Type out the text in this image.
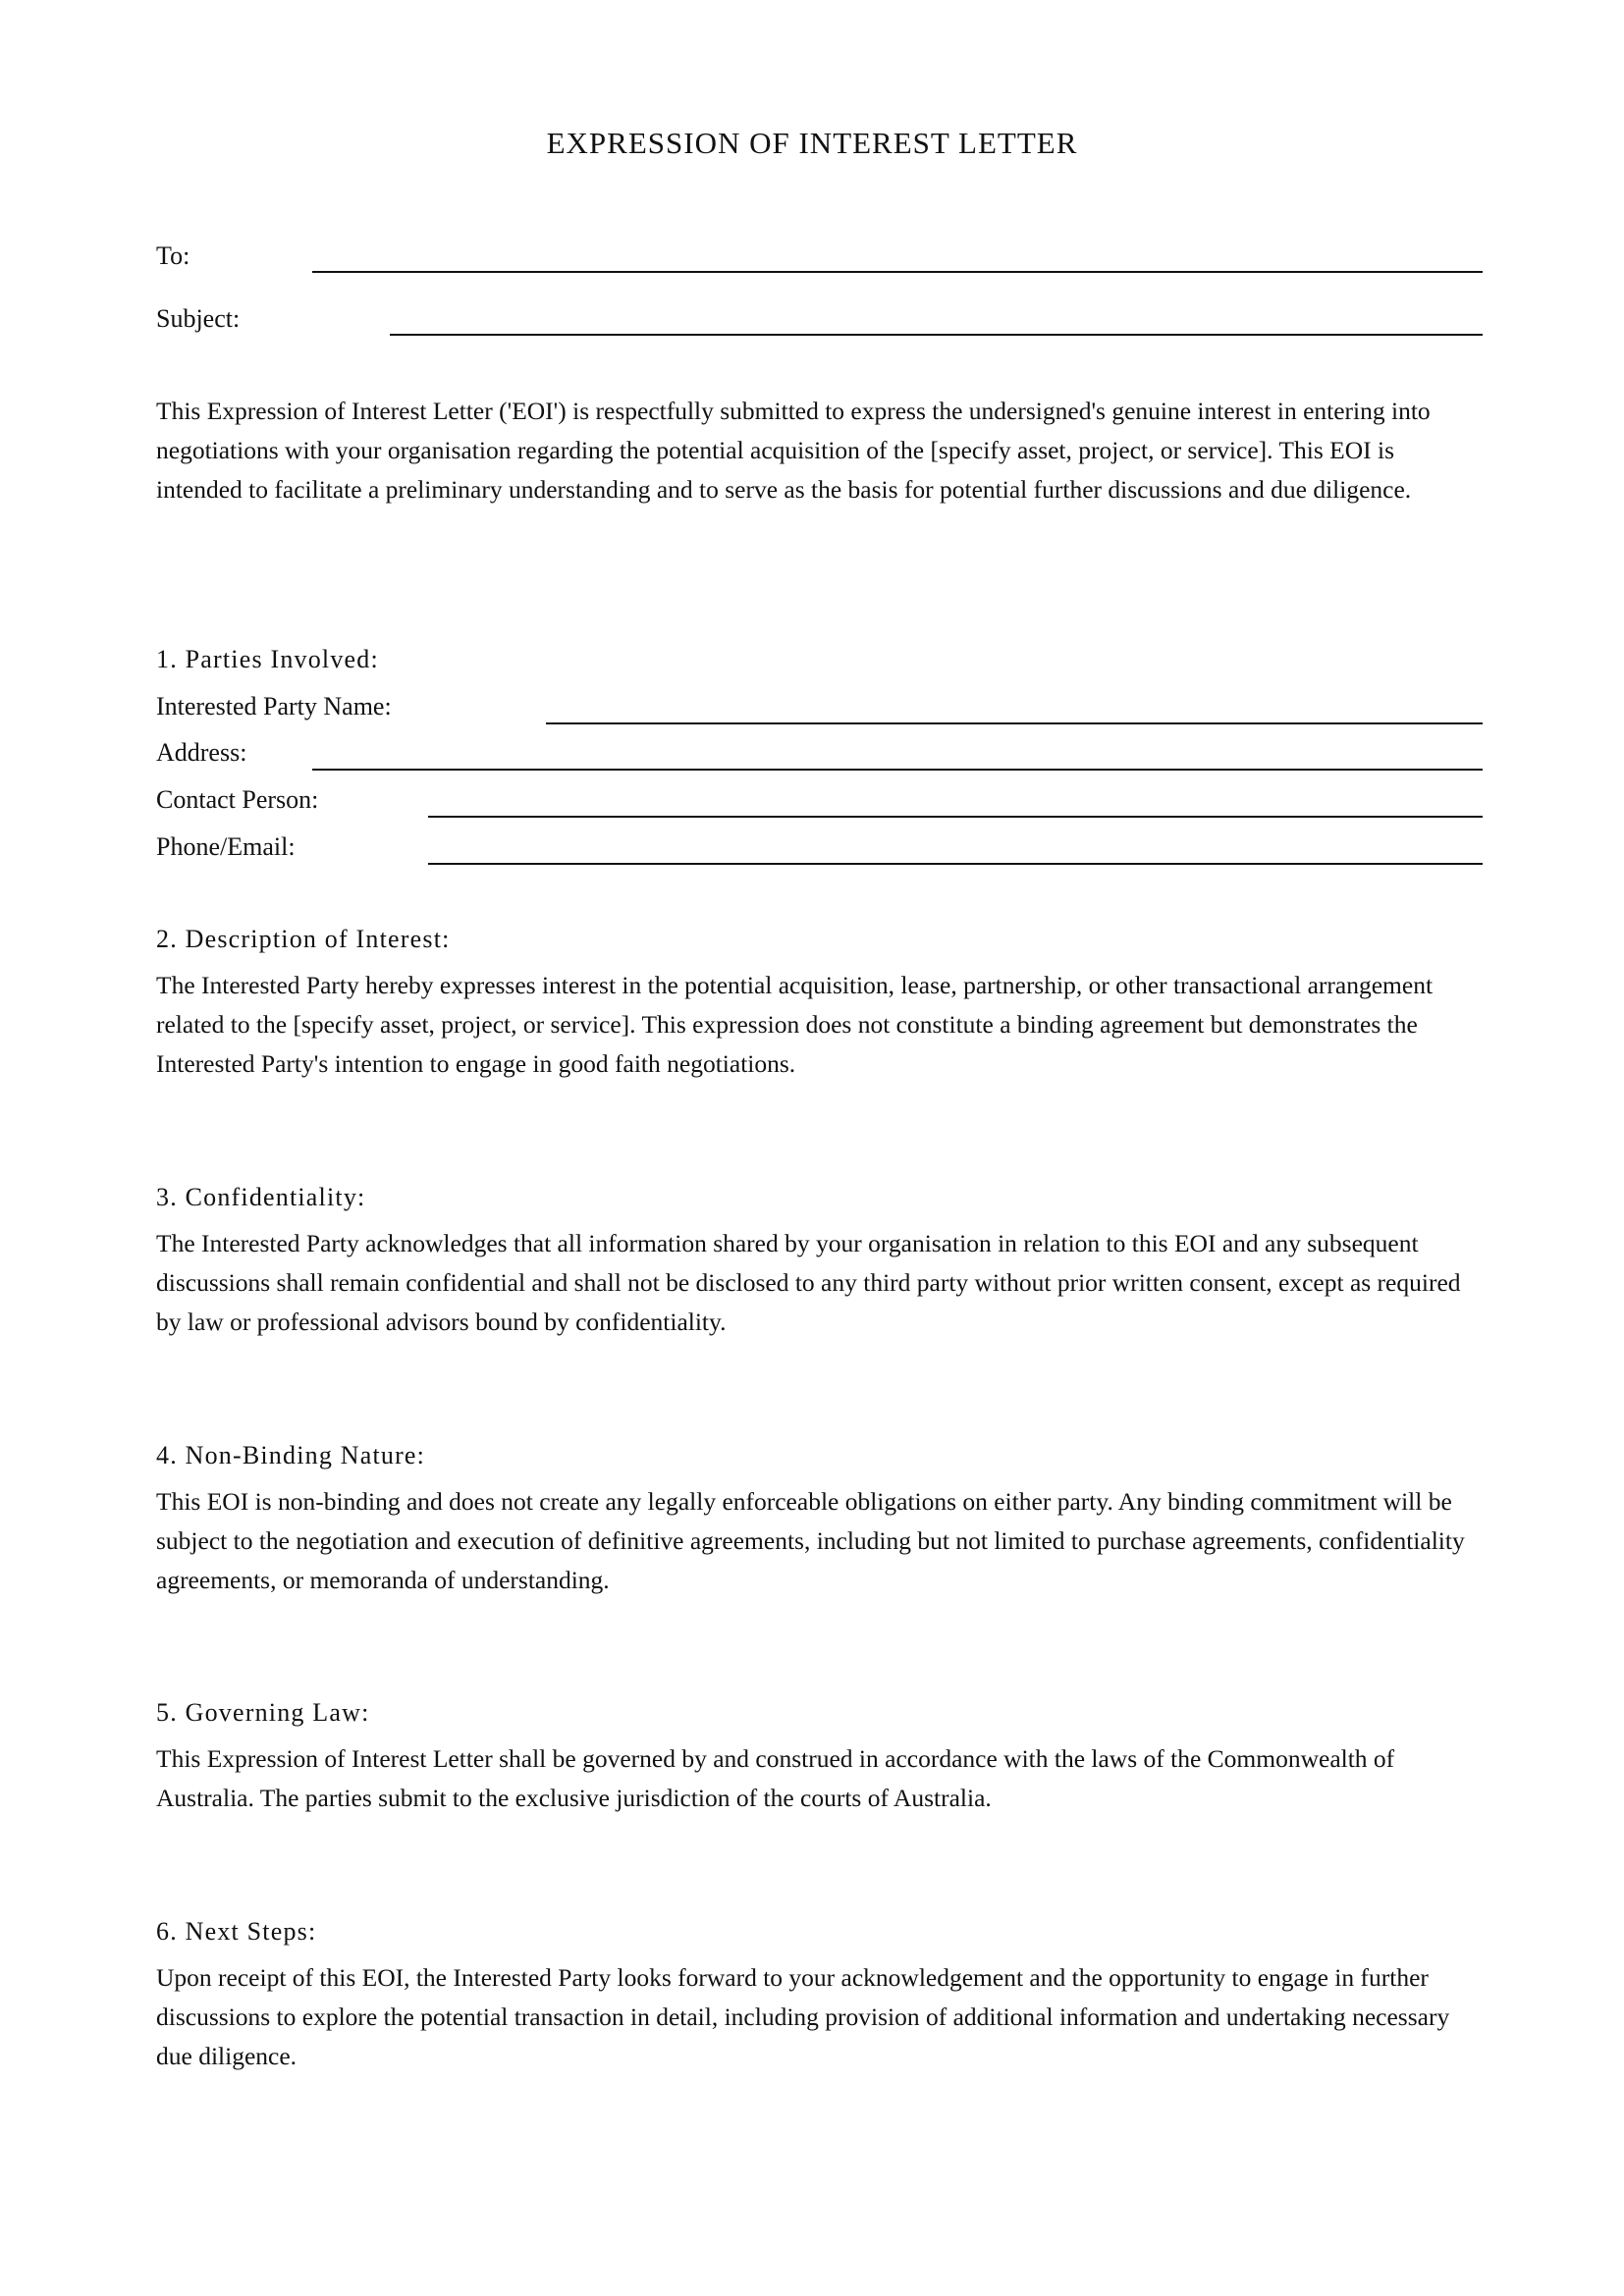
EXPRESSION OF INTEREST LETTER
To:
Subject:

This Expression of Interest Letter ('EOI') is respectfully submitted to express the undersigned's genuine interest in entering into negotiations with your organisation regarding the potential acquisition of the [specify asset, project, or service]. This EOI is intended to facilitate a preliminary understanding and to serve as the basis for potential further discussions and due diligence.

1. Parties Involved:
Interested Party Name:
Address:
Contact Person:
Phone/Email:
2. Description of Interest:

The Interested Party hereby expresses interest in the potential acquisition, lease, partnership, or other transactional arrangement related to the [specify asset, project, or service]. This expression does not constitute a binding agreement but demonstrates the Interested Party's intention to engage in good faith negotiations.

3. Confidentiality:

The Interested Party acknowledges that all information shared by your organisation in relation to this EOI and any subsequent discussions shall remain confidential and shall not be disclosed to any third party without prior written consent, except as required by law or professional advisors bound by confidentiality.

4. Non-Binding Nature:

This EOI is non-binding and does not create any legally enforceable obligations on either party. Any binding commitment will be subject to the negotiation and execution of definitive agreements, including but not limited to purchase agreements, confidentiality agreements, or memoranda of understanding.

5. Governing Law:

This Expression of Interest Letter shall be governed by and construed in accordance with the laws of the Commonwealth of Australia. The parties submit to the exclusive jurisdiction of the courts of Australia.

6. Next Steps:

Upon receipt of this EOI, the Interested Party looks forward to your acknowledgement and the opportunity to engage in further discussions to explore the potential transaction in detail, including provision of additional information and undertaking necessary due diligence.
